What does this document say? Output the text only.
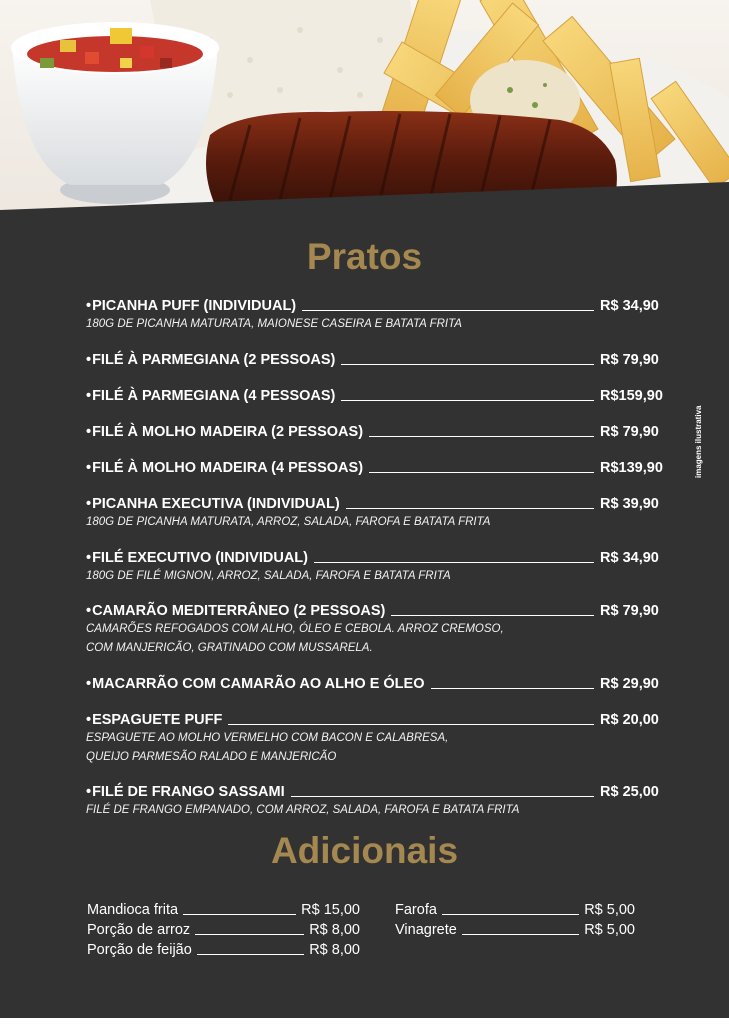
Pratos
imagens ilustrativa
• PICANHA PUFF (INDIVIDUAL)	R$ 34,90
180G DE PICANHA MATURATA, MAIONESE CASEIRA E BATATA FRITA
• FILÉ À PARMEGIANA (2 PESSOAS)	R$ 79,90
• FILÉ À PARMEGIANA (4 PESSOAS)	R$159,90
• FILÉ À MOLHO MADEIRA (2 PESSOAS)	R$ 79,90
• FILÉ À MOLHO MADEIRA (4 PESSOAS)	R$139,90
• PICANHA EXECUTIVA (INDIVIDUAL)	R$ 39,90
180G DE PICANHA MATURATA, ARROZ, SALADA, FAROFA E BATATA FRITA
• FILÉ EXECUTIVO (INDIVIDUAL)	R$ 34,90
180G DE FILÉ MIGNON, ARROZ, SALADA, FAROFA E BATATA FRITA
• CAMARÃO MEDITERRÂNEO (2 PESSOAS)	R$ 79,90
CAMARÕES REFOGADOS COM ALHO, ÓLEO E CEBOLA. ARROZ CREMOSO,
COM MANJERICÃO, GRATINADO COM MUSSARELA.
• MACARRÃO COM CAMARÃO AO ALHO E ÓLEO	R$ 29,90
• ESPAGUETE PUFF	R$ 20,00
ESPAGUETE AO MOLHO VERMELHO COM BACON E CALABRESA,
QUEIJO PARMESÃO RALADO E MANJERICÃO
• FILÉ DE FRANGO SASSAMI	R$ 25,00
FILÉ DE FRANGO EMPANADO, COM ARROZ, SALADA, FAROFA E BATATA FRITA
Adicionais
Mandioca frita	R$ 15,00
Porção de arroz	R$ 8,00
Porção de feijão	R$ 8,00
Farofa	R$ 5,00
Vinagrete	R$ 5,00
